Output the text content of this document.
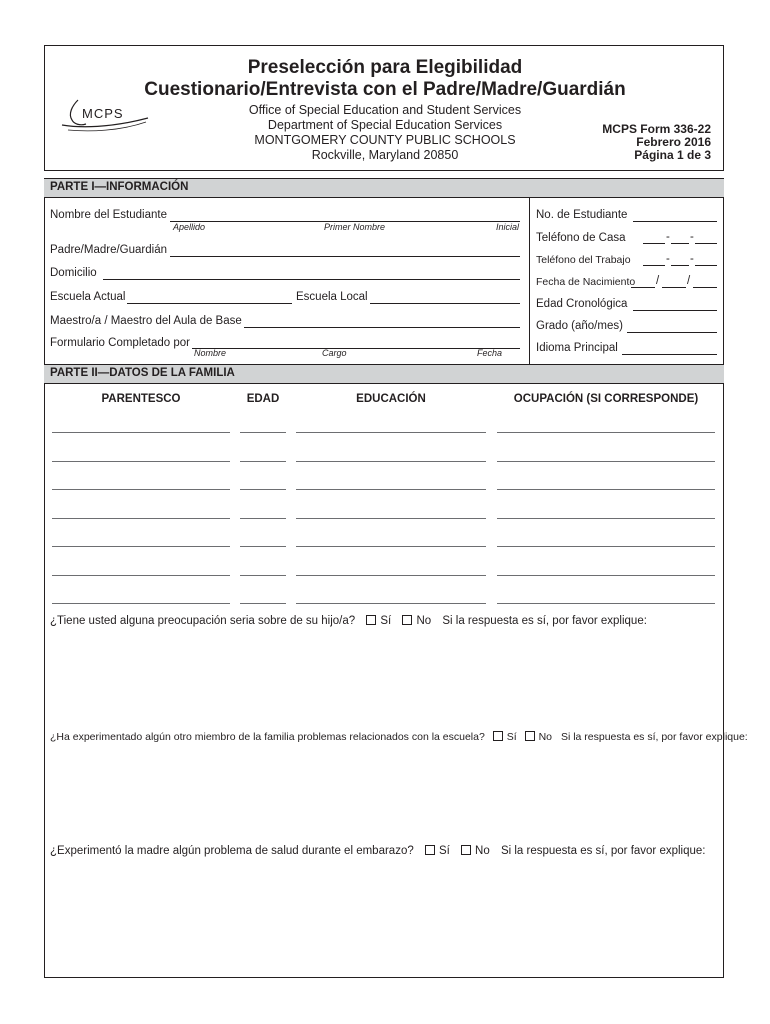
Preselección para Elegibilidad
Cuestionario/Entrevista con el Padre/Madre/Guardián
MCPS	Office of Special Education and Student Services
Department of Special Education Services
MONTGOMERY COUNTY PUBLIC SCHOOLS
Rockville, Maryland 20850
MCPS Form 336-22
Febrero 2016
Página 1 de 3
PARTE I—INFORMACIÓN
Nombre del Estudiante
Apellido	Primer Nombre	Inicial
Padre/Madre/Guardián
Domicilio
Escuela Actual	Escuela Local
Maestro/a / Maestro del Aula de Base
Formulario Completado por
Nombre	Cargo	Fecha
No. de Estudiante
Teléfono de Casa	- -
Teléfono del Trabajo	- -
Fecha de Nacimiento / /
Edad Cronológica
Grado (año/mes)
Idioma Principal
PARTE II—DATOS DE LA FAMILIA
PARENTESCO	EDAD	EDUCACIÓN	OCUPACIÓN (SI CORRESPONDE)
¿Tiene usted alguna preocupación seria sobre de su hijo/a? Sí No Si la respuesta es sí, por favor explique:
¿Ha experimentado algún otro miembro de la familia problemas relacionados con la escuela? Sí No Si la respuesta es sí, por favor explique:
¿Experimentó la madre algún problema de salud durante el embarazo? Sí No Si la respuesta es sí, por favor explique:
